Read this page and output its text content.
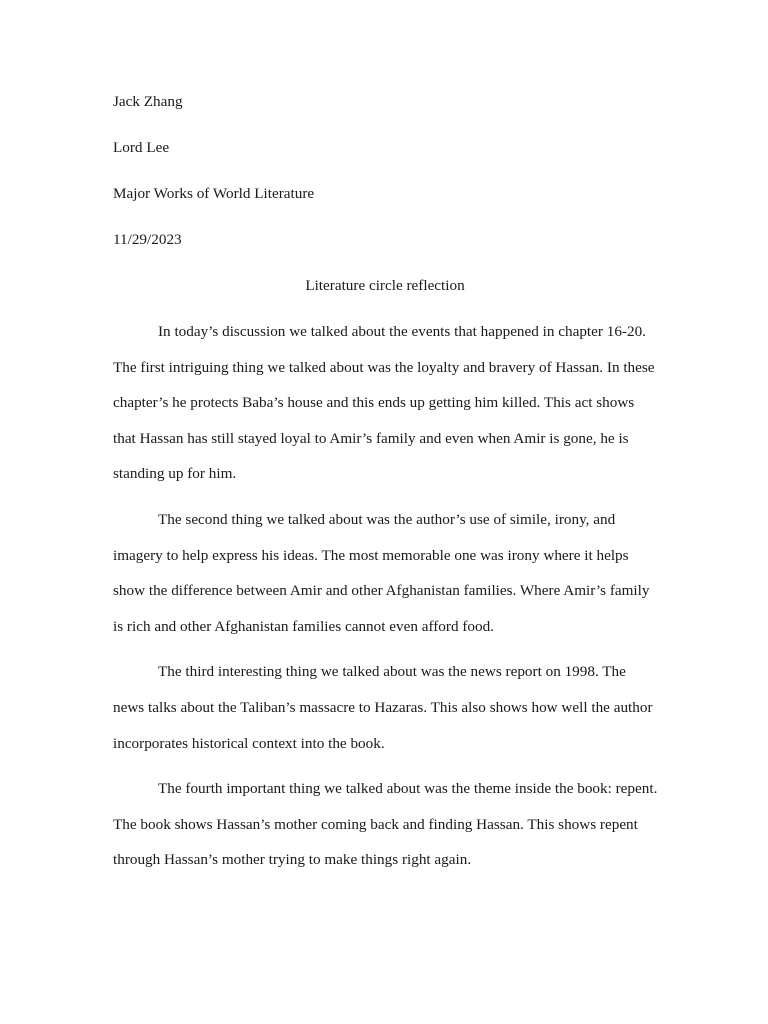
Jack Zhang

Lord Lee

Major Works of World Literature

11/29/2023

Literature circle reflection

In today’s discussion we talked about the events that happened in chapter 16-20.
The first intriguing thing we talked about was the loyalty and bravery of Hassan. In these
chapter’s he protects Baba’s house and this ends up getting him killed. This act shows
that Hassan has still stayed loyal to Amir’s family and even when Amir is gone, he is
standing up for him.
The second thing we talked about was the author’s use of simile, irony, and
imagery to help express his ideas. The most memorable one was irony where it helps
show the difference between Amir and other Afghanistan families. Where Amir’s family
is rich and other Afghanistan families cannot even afford food.
The third interesting thing we talked about was the news report on 1998. The
news talks about the Taliban’s massacre to Hazaras. This also shows how well the author
incorporates historical context into the book.
The fourth important thing we talked about was the theme inside the book: repent.
The book shows Hassan’s mother coming back and finding Hassan. This shows repent
through Hassan’s mother trying to make things right again.
